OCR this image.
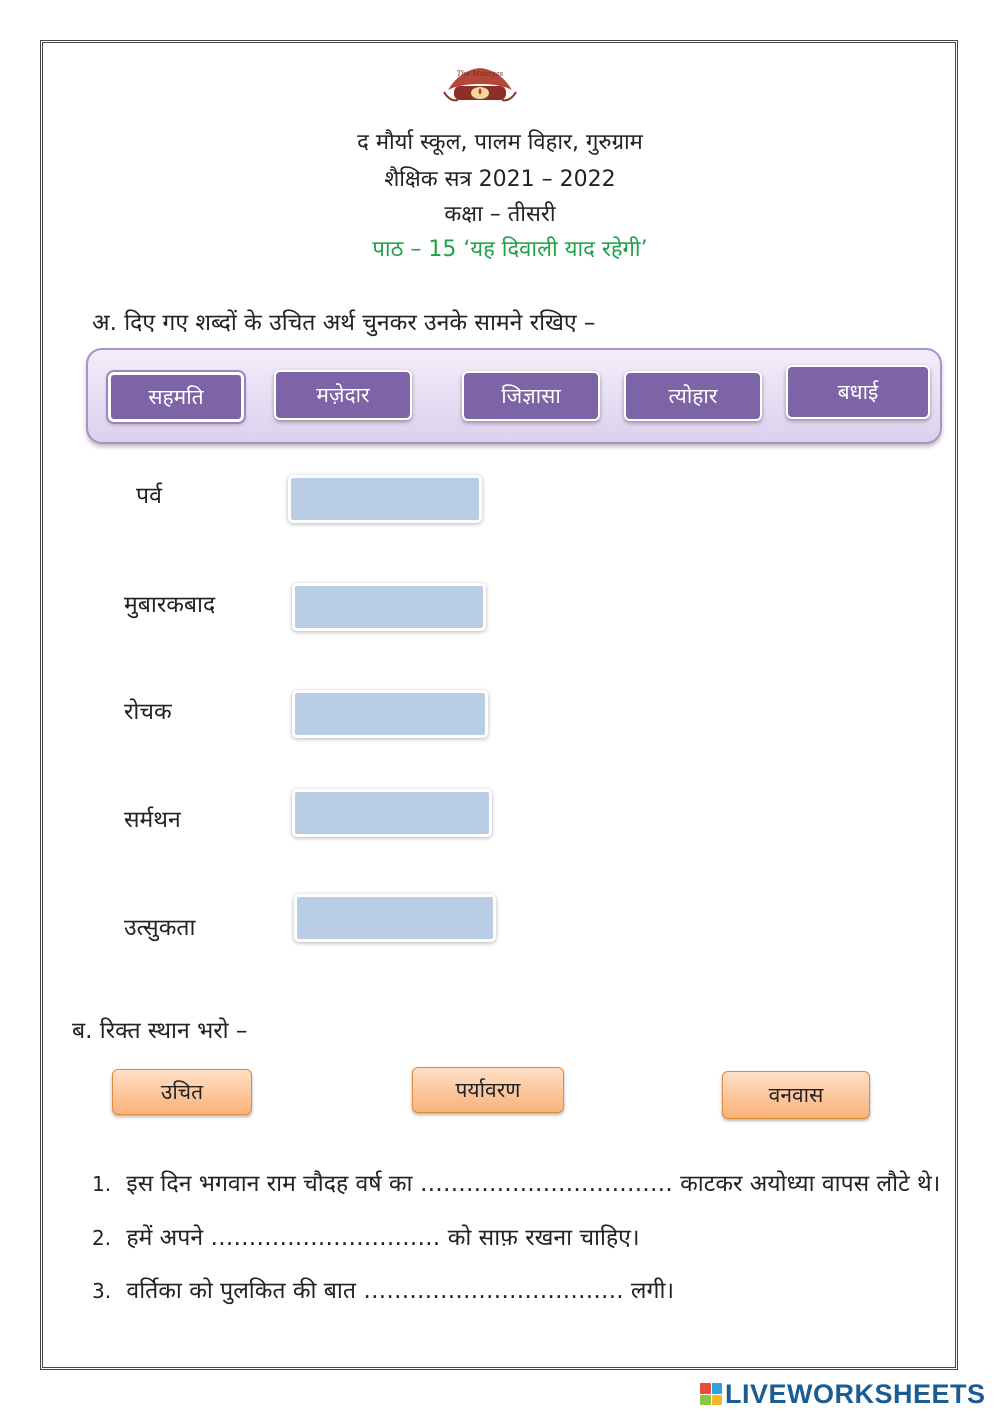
The Mauryas
द मौर्या स्कूल, पालम विहार, गुरुग्राम
शैक्षिक सत्र 2021 – 2022
कक्षा – तीसरी
पाठ – 15 ‘यह दिवाली याद रहेगी’
अ. दिए गए शब्दों के उचित अर्थ चुनकर उनके सामने रखिए –
सहमति	मज़ेदार	जिज्ञासा	त्योहार	बधाई
पर्व
मुबारकबाद
रोचक
सर्मथन
उत्सुकता
ब. रिक्त स्थान भरो –
उचित	पर्यावरण	वनवास
1. इस दिन भगवान राम चौदह वर्ष का …………………………… काटकर अयोध्या वापस लौटे थे।
2. हमें अपने ………………………… को साफ़ रखना चाहिए।
3. वर्तिका को पुलकित की बात ……………………………. लगी।
LIVEWORKSHEETS
